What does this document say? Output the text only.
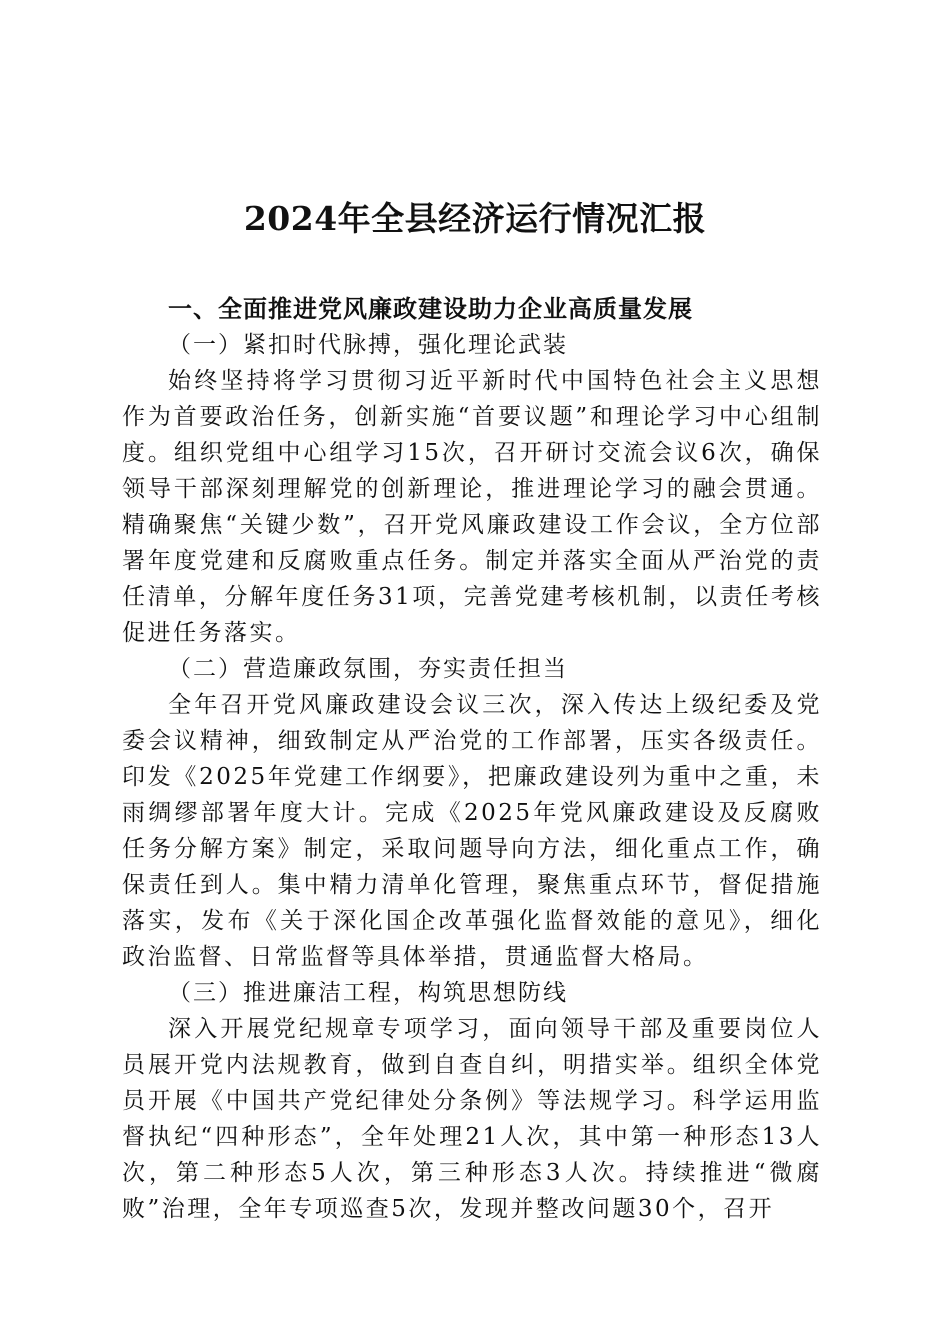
2024年全县经济运行情况汇报

一、全面推进党风廉政建设助力企业高质量发展

（一）紧扣时代脉搏，强化理论武装

始终坚持将学习贯彻习近平新时代中国特色社会主义思想作为首要政治任务，创新实施“首要议题”和理论学习中心组制度。组织党组中心组学习15次，召开研讨交流会议6次，确保领导干部深刻理解党的创新理论，推进理论学习的融会贯通。精确聚焦“关键少数”，召开党风廉政建设工作会议，全方位部署年度党建和反腐败重点任务。制定并落实全面从严治党的责任清单，分解年度任务31项，完善党建考核机制，以责任考核促进任务落实。

（二）营造廉政氛围，夯实责任担当

全年召开党风廉政建设会议三次，深入传达上级纪委及党委会议精神，细致制定从严治党的工作部署，压实各级责任。印发《2025年党建工作纲要》，把廉政建设列为重中之重，未雨绸缪部署年度大计。完成《2025年党风廉政建设及反腐败任务分解方案》制定，采取问题导向方法，细化重点工作，确保责任到人。集中精力清单化管理，聚焦重点环节，督促措施落实，发布《关于深化国企改革强化监督效能的意见》，细化政治监督、日常监督等具体举措，贯通监督大格局。

（三）推进廉洁工程，构筑思想防线

深入开展党纪规章专项学习，面向领导干部及重要岗位人员展开党内法规教育，做到自查自纠，明措实举。组织全体党员开展《中国共产党纪律处分条例》等法规学习。科学运用监督执纪“四种形态”，全年处理21人次，其中第一种形态13人次，第二种形态5人次，第三种形态3人次。持续推进“微腐败”治理，全年专项巡查5次，发现并整改问题30个，召开
